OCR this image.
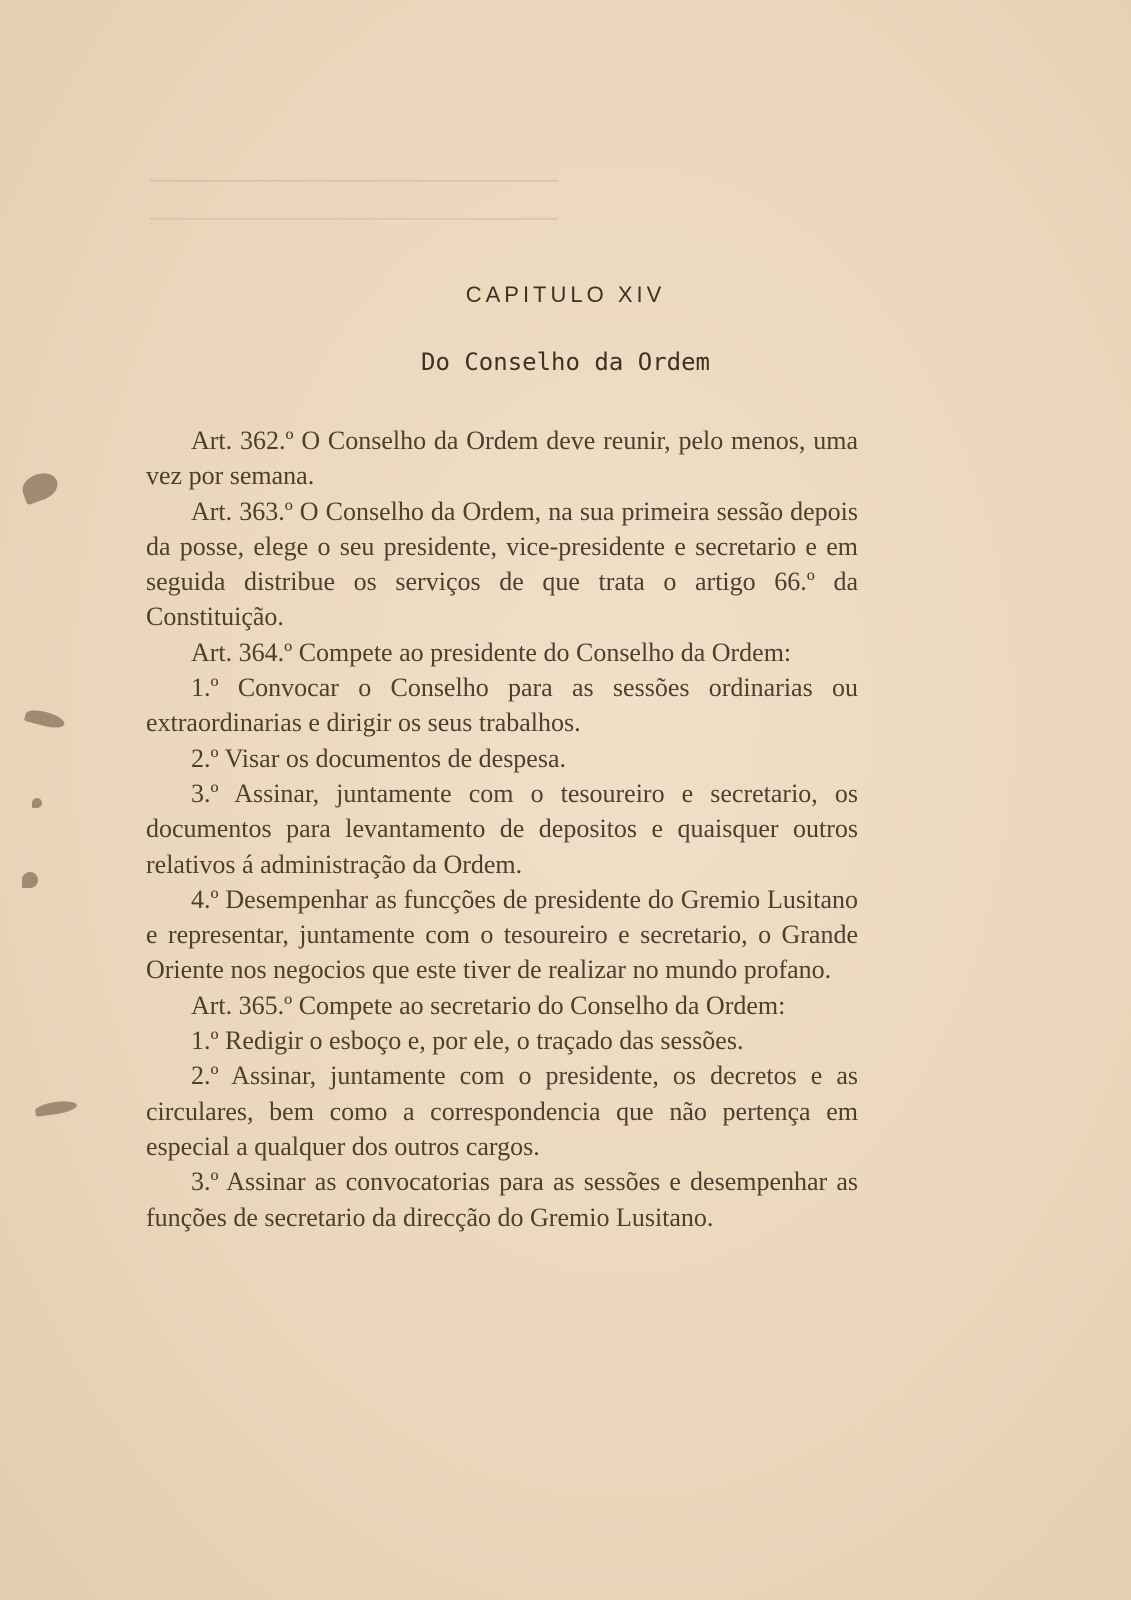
────────────────────────
────────────────────────
CAPITULO XIV
Do Conselho da Ordem

Art. 362.º O Conselho da Ordem deve reunir, pelo menos, uma vez por semana.

Art. 363.º O Conselho da Ordem, na sua primeira sessão depois da posse, elege o seu presidente, vice-presidente e secretario e em seguida distribue os serviços de que trata o artigo 66.º da Constituição.

Art. 364.º Compete ao presidente do Conselho da Ordem:

1.º Convocar o Conselho para as sessões ordinarias ou extraordinarias e dirigir os seus trabalhos.

2.º Visar os documentos de despesa.

3.º Assinar, juntamente com o tesoureiro e secretario, os documentos para levantamento de depositos e quaisquer outros relativos á administração da Ordem.

4.º Desempenhar as funcções de presidente do Gremio Lusitano e representar, juntamente com o tesoureiro e secretario, o Grande Oriente nos negocios que este tiver de realizar no mundo profano.

Art. 365.º Compete ao secretario do Conselho da Ordem:

1.º Redigir o esboço e, por ele, o traçado das sessões.

2.º Assinar, juntamente com o presidente, os decretos e as circulares, bem como a correspondencia que não pertença em especial a qualquer dos outros cargos.

3.º Assinar as convocatorias para as sessões e desempenhar as funções de secretario da direcção do Gremio Lusitano.
